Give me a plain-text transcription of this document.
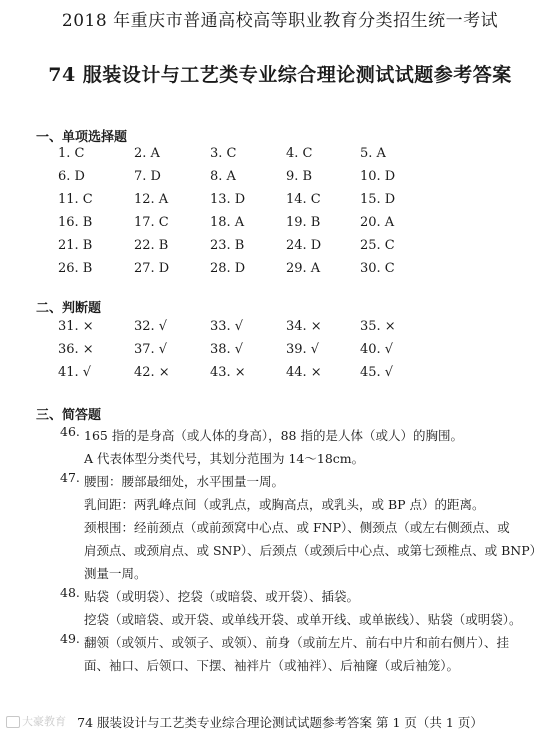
2018 年重庆市普通高校高等职业教育分类招生统一考试
74 服装设计与工艺类专业综合理论测试试题参考答案
一、单项选择题
1. C	2. A	3. C	4. C	5. A
6. D	7. D	8. A	9. B	10. D
11. C	12. A	13. D	14. C	15. D
16. B	17. C	18. A	19. B	20. A
21. B	22. B	23. B	24. D	25. C
26. B	27. D	28. D	29. A	30. C
二、判断题
31. ×	32. √	33. √	34. ×	35. ×
36. ×	37. √	38. √	39. √	40. √
41. √	42. ×	43. ×	44. ×	45. √
三、简答题
46. 165 指的是身高（或人体的身高），88 指的是人体（或人）的胸围。
A 代表体型分类代号，其划分范围为 14～18cm。
47. 腰围：腰部最细处，水平围量一周。
乳间距：两乳峰点间（或乳点，或胸高点，或乳头，或 BP 点）的距离。
颈根围：经前颈点（或前颈窝中心点、或 FNP）、侧颈点（或左右侧颈点、或
肩颈点、或颈肩点、或 SNP）、后颈点（或颈后中心点、或第七颈椎点、或 BNP）
测量一周。
48. 贴袋（或明袋）、挖袋（或暗袋、或开袋）、插袋。
挖袋（或暗袋、或开袋、或单线开袋、或单开线、或单嵌线）、贴袋（或明袋）。
49. 翻领（或领片、或领子、或领）、前身（或前左片、前右中片和前右侧片）、挂
面、袖口、后领口、下摆、袖袢片（或袖袢）、后袖窿（或后袖笼）。
大豪教育 74 服装设计与工艺类专业综合理论测试试题参考答案 第 1 页（共 1 页）
